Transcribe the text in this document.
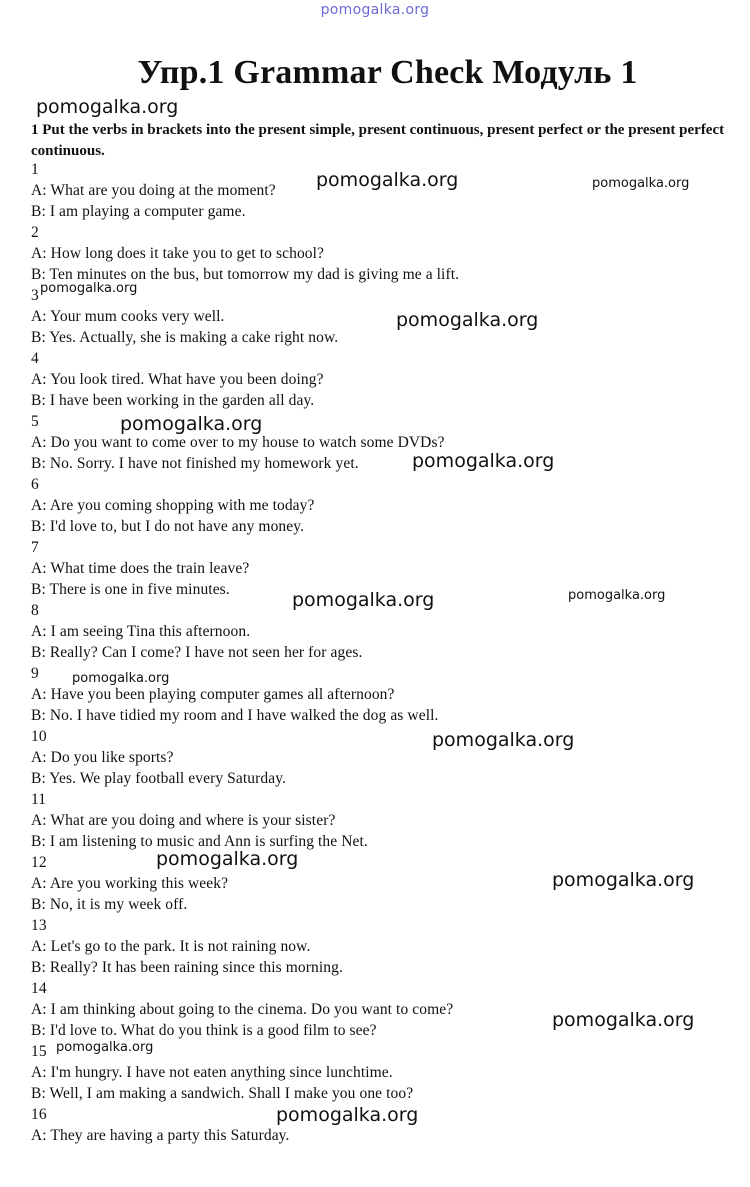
pomogalka.org
Упр.1 Grammar Check Модуль 1
1 Put the verbs in brackets into the present simple, present continuous, present perfect or the present perfect continuous.
1
A: What are you doing at the moment?
B: I am playing a computer game.
2
A: How long does it take you to get to school?
B: Ten minutes on the bus, but tomorrow my dad is giving me a lift.
3
A: Your mum cooks very well.
B: Yes. Actually, she is making a cake right now.
4
A: You look tired. What have you been doing?
B: I have been working in the garden all day.
5
A: Do you want to come over to my house to watch some DVDs?
B: No. Sorry. I have not finished my homework yet.
6
A: Are you coming shopping with me today?
B: I'd love to, but I do not have any money.
7
A: What time does the train leave?
B: There is one in five minutes.
8
A: I am seeing Tina this afternoon.
B: Really? Can I come? I have not seen her for ages.
9
A: Have you been playing computer games all afternoon?
B: No. I have tidied my room and I have walked the dog as well.
10
A: Do you like sports?
B: Yes. We play football every Saturday.
11
A: What are you doing and where is your sister?
B: I am listening to music and Ann is surfing the Net.
12
A: Are you working this week?
B: No, it is my week off.
13
A: Let's go to the park. It is not raining now.
B: Really? It has been raining since this morning.
14
A: I am thinking about going to the cinema. Do you want to come?
B: I'd love to. What do you think is a good film to see?
15
A: I'm hungry. I have not eaten anything since lunchtime.
B: Well, I am making a sandwich. Shall I make you one too?
16
A: They are having a party this Saturday.
pomogalka.org
pomogalka.org	pomogalka.org
pomogalka.org
pomogalka.org
pomogalka.org
pomogalka.org
pomogalka.org	pomogalka.org
pomogalka.org
pomogalka.org
pomogalka.org
pomogalka.org
pomogalka.org
pomogalka.org
pomogalka.org
